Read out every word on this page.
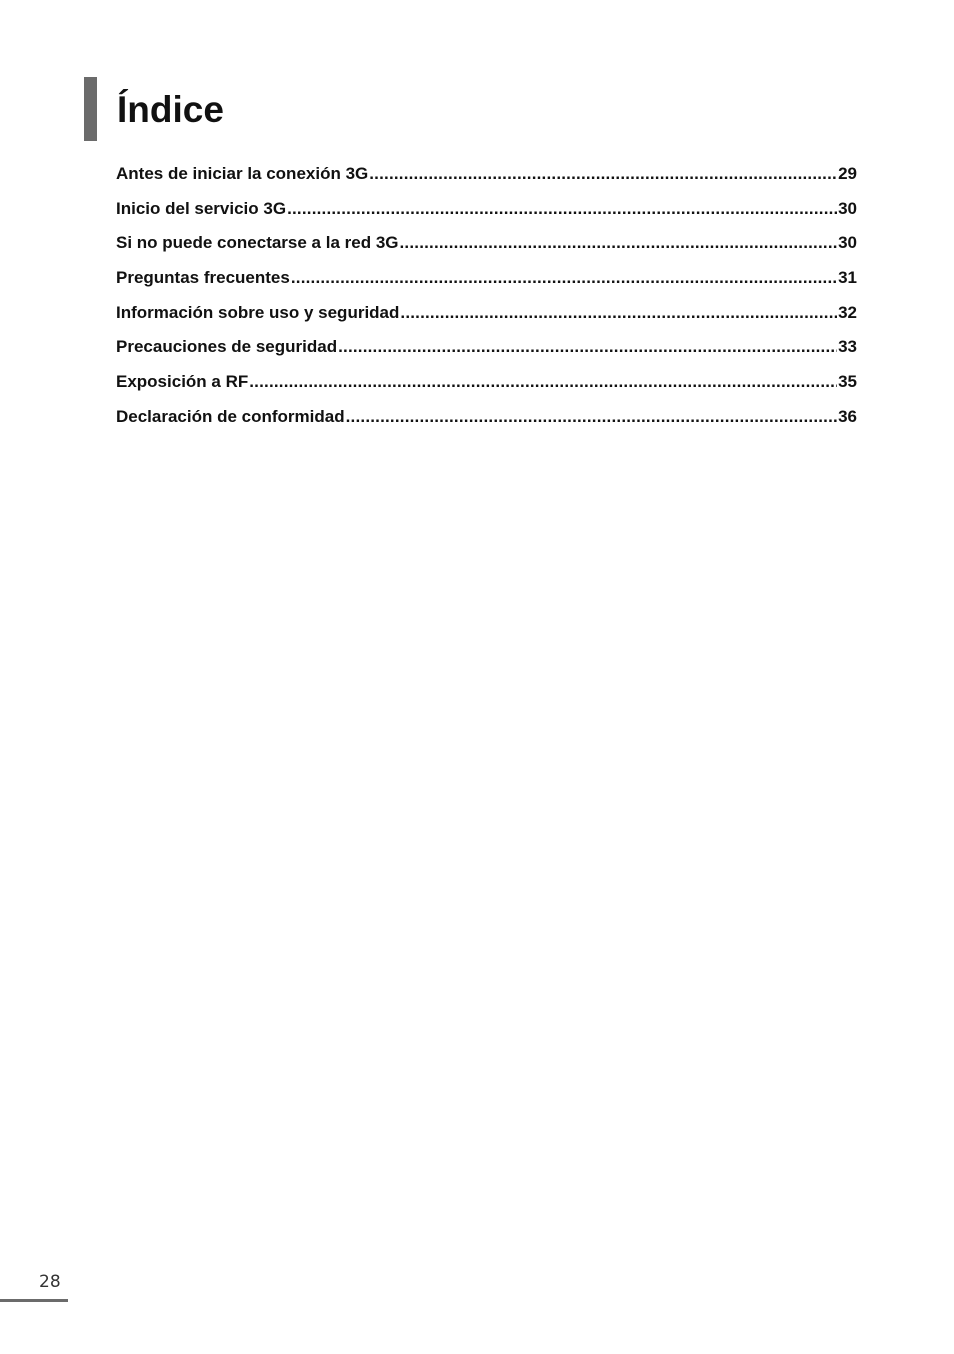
Índice
Antes de iniciar la conexión 3G .....	29
Inicio del servicio 3G .....	30
Si no puede conectarse a la red 3G .....	30
Preguntas frecuentes .....	31
Información sobre uso y seguridad .....	32
Precauciones de seguridad .....	33
Exposición a RF .....	35
Declaración de conformidad .....	36
28
